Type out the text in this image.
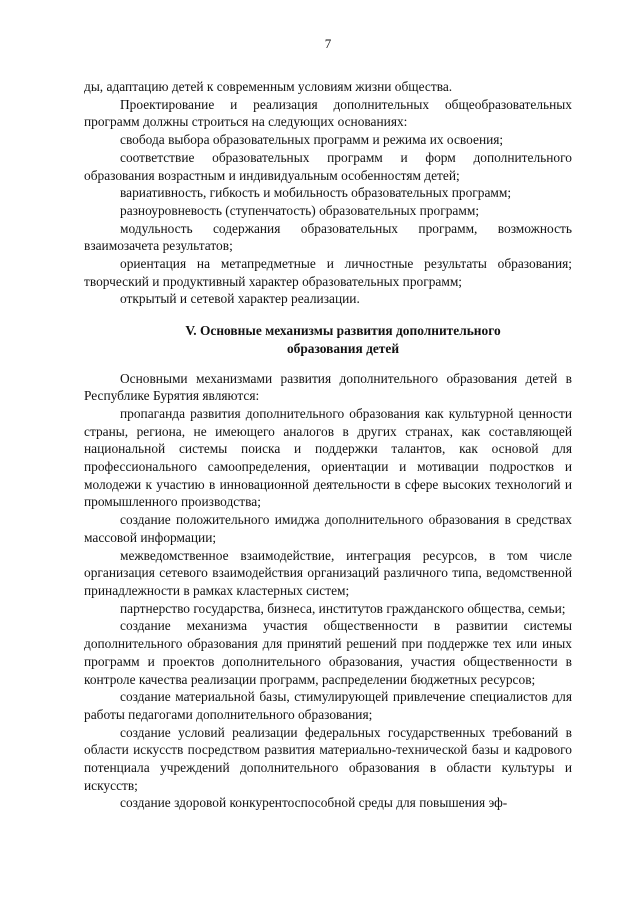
7

ды, адаптацию детей к современным условиям жизни общества.

Проектирование и реализация дополнительных общеобразовательных программ должны строиться на следующих основаниях:

свобода выбора образовательных программ и режима их освоения;

соответствие образовательных программ и форм дополнительного образования возрастным и индивидуальным особенностям детей;

вариативность, гибкость и мобильность образовательных программ;

разноуровневость (ступенчатость) образовательных программ;

модульность содержания образовательных программ, возможность взаимозачета результатов;

ориентация на метапредметные и личностные результаты образования; творческий и продуктивный характер образовательных программ;

открытый и сетевой характер реализации.

V. Основные механизмы развития дополнительного
образования детей

Основными механизмами развития дополнительного образования детей в Республике Бурятия являются:

пропаганда развития дополнительного образования как культурной ценности страны, региона, не имеющего аналогов в других странах, как составляющей национальной системы поиска и поддержки талантов, как основой для профессионального самоопределения, ориентации и мотивации подростков и молодежи к участию в инновационной деятельности в сфере высоких технологий и промышленного производства;

создание положительного имиджа дополнительного образования в средствах массовой информации;

межведомственное взаимодействие, интеграция ресурсов, в том числе организация сетевого взаимодействия организаций различного типа, ведомственной принадлежности в рамках кластерных систем;

партнерство государства, бизнеса, институтов гражданского общества, семьи;

создание механизма участия общественности в развитии системы дополнительного образования для принятий решений при поддержке тех или иных программ и проектов дополнительного образования, участия общественности в контроле качества реализации программ, распределении бюджетных ресурсов;

создание материальной базы, стимулирующей привлечение специалистов для работы педагогами дополнительного образования;

создание условий реализации федеральных государственных требований в области искусств посредством развития материально-технической базы и кадрового потенциала учреждений дополнительного образования в области культуры и искусств;

создание здоровой конкурентоспособной среды для повышения эф-
